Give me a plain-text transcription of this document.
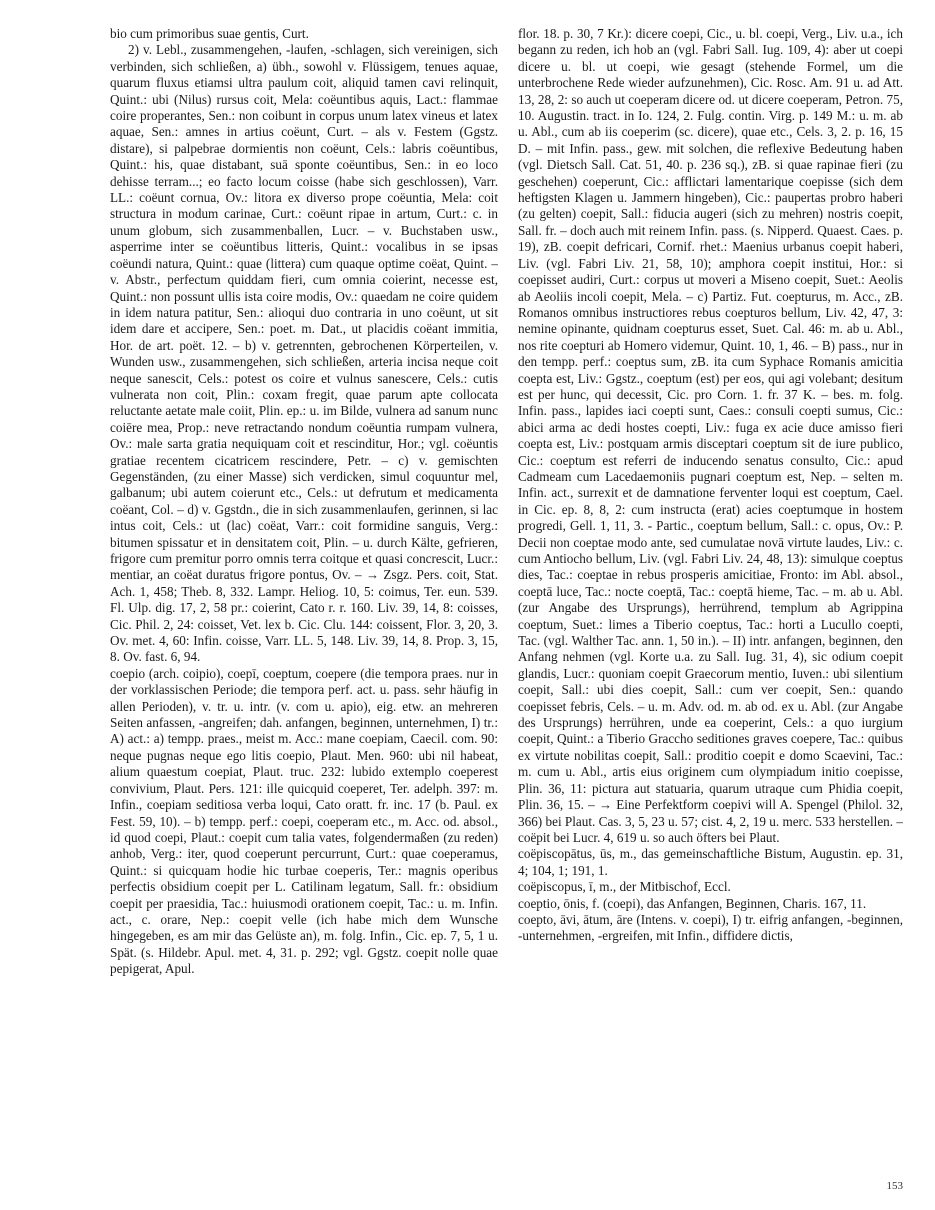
bio cum primoribus suae gentis, Curt.

2) v. Lebl., zusammengehen, -laufen, -schlagen, sich vereinigen, sich verbinden, sich schließen, a) übh., sowohl v. Flüssigem, tenues aquae, quarum fluxus etiamsi ultra paulum coit, aliquid tamen cavi relinquit, Quint.: ubi (Nilus) rursus coit, Mela: coëuntibus aquis, Lact.: flammae coire properantes, Sen.: non coibunt in corpus unum latex vineus et latex aquae, Sen.: amnes in artius coëunt, Curt. – als v. Festem (Ggstz. distare), si palpebrae dormientis non coëunt, Cels.: labris coëuntibus, Quint.: his, quae distabant, suā sponte coëuntibus, Sen.: in eo loco dehisse terram...; eo facto locum coisse (habe sich geschlossen), Varr. LL.: coëunt cornua, Ov.: litora ex diverso prope coëuntia, Mela: coit structura in modum carinae, Curt.: coëunt ripae in artum, Curt.: c. in unum globum, sich zusammenballen, Lucr. – v. Buchstaben usw., asperrime inter se coëuntibus litteris, Quint.: vocalibus in se ipsas coëundi natura, Quint.: quae (littera) cum quaque optime coëat, Quint. – v. Abstr., perfectum quiddam fieri, cum omnia coierint, necesse est, Quint.: non possunt ullis ista coire modis, Ov.: quaedam ne coire quidem in idem natura patitur, Sen.: alioqui duo contraria in uno coëunt, ut sit idem dare et accipere, Sen.: poet. m. Dat., ut placidis coëant immitia, Hor. de art. poët. 12. – b) v. getrennten, gebrochenen Körperteilen, v. Wunden usw., zusammengehen, sich schließen, arteria incisa neque coit neque sanescit, Cels.: potest os coire et vulnus sanescere, Cels.: cutis vulnerata non coit, Plin.: coxam fregit, quae parum apte collocata reluctante aetate male coiit, Plin. ep.: u. im Bilde, vulnera ad sanum nunc coiēre mea, Prop.: neve retractando nondum coëuntia rumpam vulnera, Ov.: male sarta gratia nequiquam coit et rescinditur, Hor.; vgl. coëuntis gratiae recentem cicatricem rescindere, Petr. – c) v. gemischten Gegenständen, (zu einer Masse) sich verdicken, simul coquuntur mel, galbanum; ubi autem coierunt etc., Cels.: ut defrutum et medicamenta coëant, Col. – d) v. Ggstdn., die in sich zusammenlaufen, gerinnen, si lac intus coit, Cels.: ut (lac) coëat, Varr.: coit formidine sanguis, Verg.: bitumen spissatur et in densitatem coit, Plin. – u. durch Kälte, gefrieren, frigore cum premitur porro omnis terra coitque et quasi concrescit, Lucr.: mentiar, an coëat duratus frigore pontus, Ov. – → Zsgz. Pers. coit, Stat. Ach. 1, 458; Theb. 8, 332. Lampr. Heliog. 10, 5: coimus, Ter. eun. 539. Fl. Ulp. dig. 17, 2, 58 pr.: coierint, Cato r. r. 160. Liv. 39, 14, 8: coisses, Cic. Phil. 2, 24: coisset, Vet. lex b. Cic. Clu. 144: coissent, Flor. 3, 20, 3. Ov. met. 4, 60: Infin. coisse, Varr. LL. 5, 148. Liv. 39, 14, 8. Prop. 3, 15, 8. Ov. fast. 6, 94.

coepio (arch. coipio), coepī, coeptum, coepere (die tempora praes. nur in der vorklassischen Periode; die tempora perf. act. u. pass. sehr häufig in allen Perioden), v. tr. u. intr. (v. com u. apio), eig. etw. an mehreren Seiten anfassen, -angreifen; dah. anfangen, beginnen, unternehmen, I) tr.: A) act.: a) tempp. praes., meist m. Acc.: mane coepiam, Caecil. com. 90: neque pugnas neque ego litis coepio, Plaut. Men. 960: ubi nil habeat, alium quaestum coepiat, Plaut. truc. 232: lubido extemplo coeperest convivium, Plaut. Pers. 121: ille quicquid coeperet, Ter. adelph. 397: m. Infin., coepiam seditiosa verba loqui, Cato oratt. fr. inc. 17 (b. Paul. ex Fest. 59, 10). – b) tempp. perf.: coepi, coeperam etc., m. Acc. od. absol., id quod coepi, Plaut.: coepit cum talia vates, folgendermaßen (zu reden) anhob, Verg.: iter, quod coeperunt percurrunt, Curt.: quae coeperamus, Quint.: si quicquam hodie hic turbae coeperis, Ter.: magnis operibus perfectis obsidium coepit per L. Catilinam legatum, Sall. fr.: obsidium coepit per praesidia, Tac.: huiusmodi orationem coepit, Tac.: u. m. Infin. act., c. orare, Nep.: coepit velle (ich habe mich dem Wunsche hingegeben, es am mir das Gelüste an), m. folg. Infin., Cic. ep. 7, 5, 1 u. Spät. (s. Hildebr. Apul. met. 4, 31. p. 292; vgl. Ggstz. coepit nolle quae pepigerat, Apul.

flor. 18. p. 30, 7 Kr.): dicere coepi, Cic., u. bl. coepi, Verg., Liv. u.a., ich begann zu reden, ich hob an (vgl. Fabri Sall. Iug. 109, 4): aber ut coepi dicere u. bl. ut coepi, wie gesagt (stehende Formel, um die unterbrochene Rede wieder aufzunehmen), Cic. Rosc. Am. 91 u. ad Att. 13, 28, 2: so auch ut coeperam dicere od. ut dicere coeperam, Petron. 75, 10. Augustin. tract. in Io. 124, 2. Fulg. contin. Virg. p. 149 M.: u. m. ab u. Abl., cum ab iis coeperim (sc. dicere), quae etc., Cels. 3, 2. p. 16, 15 D. – mit Infin. pass., gew. mit solchen, die reflexive Bedeutung haben (vgl. Dietsch Sall. Cat. 51, 40. p. 236 sq.), zB. si quae rapinae fieri (zu geschehen) coeperunt, Cic.: afflictari lamentarique coepisse (sich dem heftigsten Klagen u. Jammern hingeben), Cic.: paupertas probro haberi (zu gelten) coepit, Sall.: fiducia augeri (sich zu mehren) nostris coepit, Sall. fr. – doch auch mit reinem Infin. pass. (s. Nipperd. Quaest. Caes. p. 19), zB. coepit defricari, Cornif. rhet.: Maenius urbanus coepit haberi, Liv. (vgl. Fabri Liv. 21, 58, 10); amphora coepit institui, Hor.: si coepisset audiri, Curt.: corpus ut moveri a Miseno coepit, Suet.: Aeolis ab Aeoliis incoli coepit, Mela. – c) Partiz. Fut. coepturus, m. Acc., zB. Romanos omnibus instructiores rebus coepturos bellum, Liv. 42, 47, 3: nemine opinante, quidnam coepturus esset, Suet. Cal. 46: m. ab u. Abl., nos rite coepturi ab Homero videmur, Quint. 10, 1, 46. – B) pass., nur in den tempp. perf.: coeptus sum, zB. ita cum Syphace Romanis amicitia coepta est, Liv.: Ggstz., coeptum (est) per eos, qui agi volebant; desitum est per hunc, qui decessit, Cic. pro Corn. 1. fr. 37 K. – bes. m. folg. Infin. pass., lapides iaci coepti sunt, Caes.: consuli coepti sumus, Cic.: abici arma ac dedi hostes coepti, Liv.: fuga ex acie duce amisso fieri coepta est, Liv.: postquam armis disceptari coeptum sit de iure publico, Cic.: coeptum est referri de inducendo senatus consulto, Cic.: apud Cadmeam cum Lacedaemoniis pugnari coeptum est, Nep. – selten m. Infin. act., surrexit et de damnatione ferventer loqui est coeptum, Cael. in Cic. ep. 8, 8, 2: cum instructa (erat) acies coeptumque in hostem progredi, Gell. 1, 11, 3. - Partic., coeptum bellum, Sall.: c. opus, Ov.: P. Decii non coeptae modo ante, sed cumulatae novā virtute laudes, Liv.: c. cum Antiocho bellum, Liv. (vgl. Fabri Liv. 24, 48, 13): simulque coeptus dies, Tac.: coeptae in rebus prosperis amicitiae, Fronto: im Abl. absol., coeptā luce, Tac.: nocte coeptā, Tac.: coeptā hieme, Tac. – m. ab u. Abl. (zur Angabe des Ursprungs), herrührend, templum ab Agrippina coeptum, Suet.: limes a Tiberio coeptus, Tac.: horti a Lucullo coepti, Tac. (vgl. Walther Tac. ann. 1, 50 in.). – II) intr. anfangen, beginnen, den Anfang nehmen (vgl. Korte u.a. zu Sall. Iug. 31, 4), sic odium coepit glandis, Lucr.: quoniam coepit Graecorum mentio, Iuven.: ubi silentium coepit, Sall.: ubi dies coepit, Sall.: cum ver coepit, Sen.: quando coepisset febris, Cels. – u. m. Adv. od. m. ab od. ex u. Abl. (zur Angabe des Ursprungs) herrühren, unde ea coeperint, Cels.: a quo iurgium coepit, Quint.: a Tiberio Graccho seditiones graves coepere, Tac.: quibus ex virtute nobilitas coepit, Sall.: proditio coepit e domo Scaevini, Tac.: m. cum u. Abl., artis eius originem cum olympiadum initio coepisse, Plin. 36, 11: pictura aut statuaria, quarum utraque cum Phidia coepit, Plin. 36, 15. – → Eine Perfektform coepivi will A. Spengel (Philol. 32, 366) bei Plaut. Cas. 3, 5, 23 u. 57; cist. 4, 2, 19 u. merc. 533 herstellen. – coëpit bei Lucr. 4, 619 u. so auch öfters bei Plaut.

coëpiscopātus, ūs, m., das gemeinschaftliche Bistum, Augustin. ep. 31, 4; 104, 1; 191, 1.

coëpiscopus, ī, m., der Mitbischof, Eccl.

coeptio, ōnis, f. (coepi), das Anfangen, Beginnen, Charis. 167, 11.

coepto, āvi, ātum, āre (Intens. v. coepi), I) tr. eifrig anfangen, -beginnen, -unternehmen, -ergreifen, mit Infin., diffidere dictis,

153
